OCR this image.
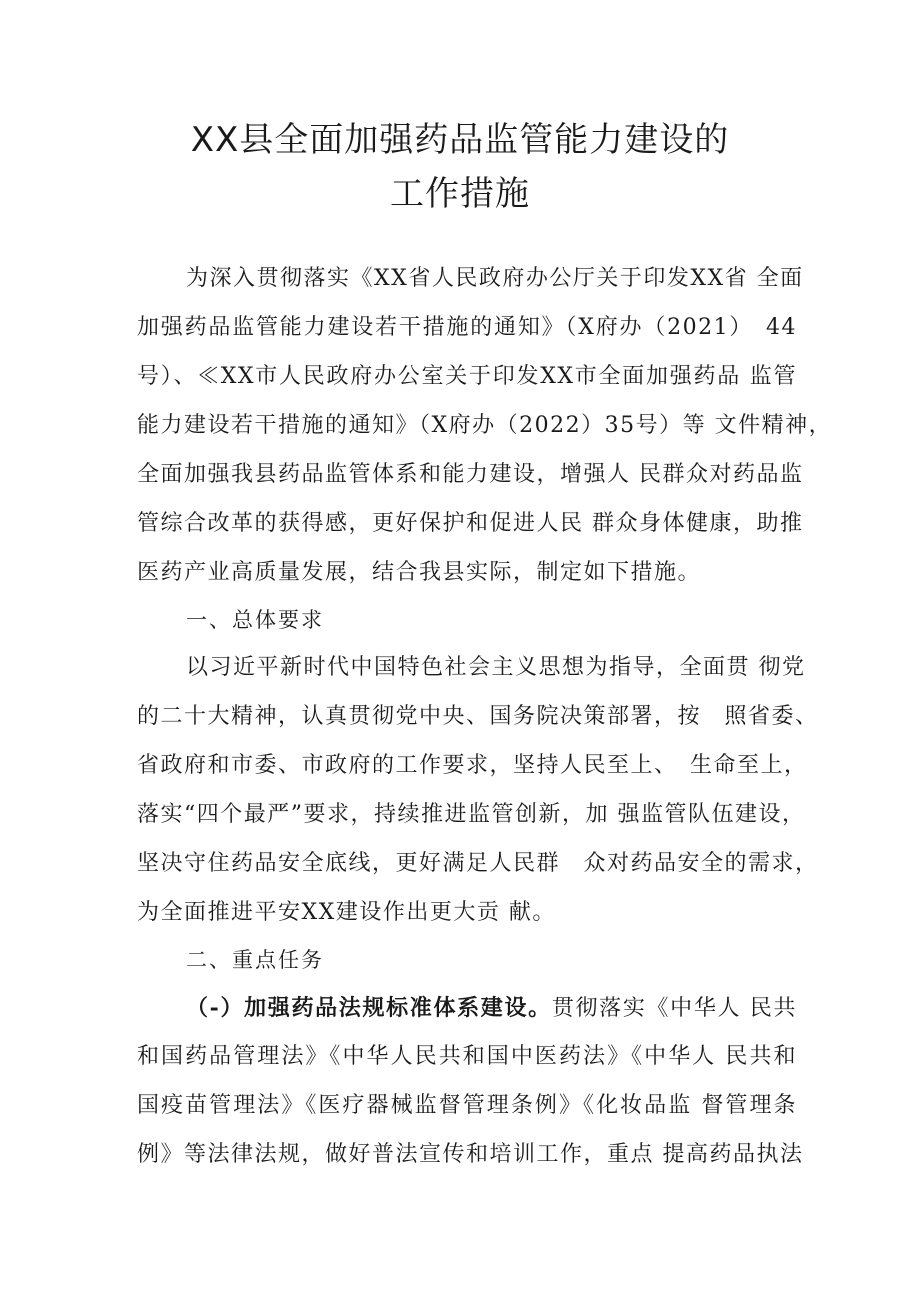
XX县全面加强药品监管能力建设的
工作措施

为深入贯彻落实《XX省人民政府办公厅关于印发XX省 全面

加强药品监管能力建设若干措施的通知》（X府办（2021）　44

号）、≪XX市人民政府办公室关于印发XX市全面加强药品 监管

能力建设若干措施的通知》（X府办（2022）35号）等 文件精神，

全面加强我县药品监管体系和能力建设，增强人 民群众对药品监

管综合改革的获得感，更好保护和促进人民 群众身体健康，助推

医药产业高质量发展，结合我县实际，制定如下措施。

一、总体要求

以习近平新时代中国特色社会主义思想为指导，全面贯 彻党

的二十大精神，认真贯彻党中央、国务院决策部署，按　照省委、

省政府和市委、市政府的工作要求，坚持人民至上、　生命至上，

落实“四个最严”要求，持续推进监管创新，加 强监管队伍建设，

坚决守住药品安全底线，更好满足人民群　众对药品安全的需求，

为全面推进平安XX建设作出更大贡 献。

二、重点任务

（-）加强药品法规标准体系建设。贯彻落实《中华人 民共

和国药品管理法》《中华人民共和国中医药法》《中华人 民共和

国疫苗管理法》《医疗器械监督管理条例》《化妆品监 督管理条

例》等法律法规，做好普法宣传和培训工作，重点 提高药品执法
